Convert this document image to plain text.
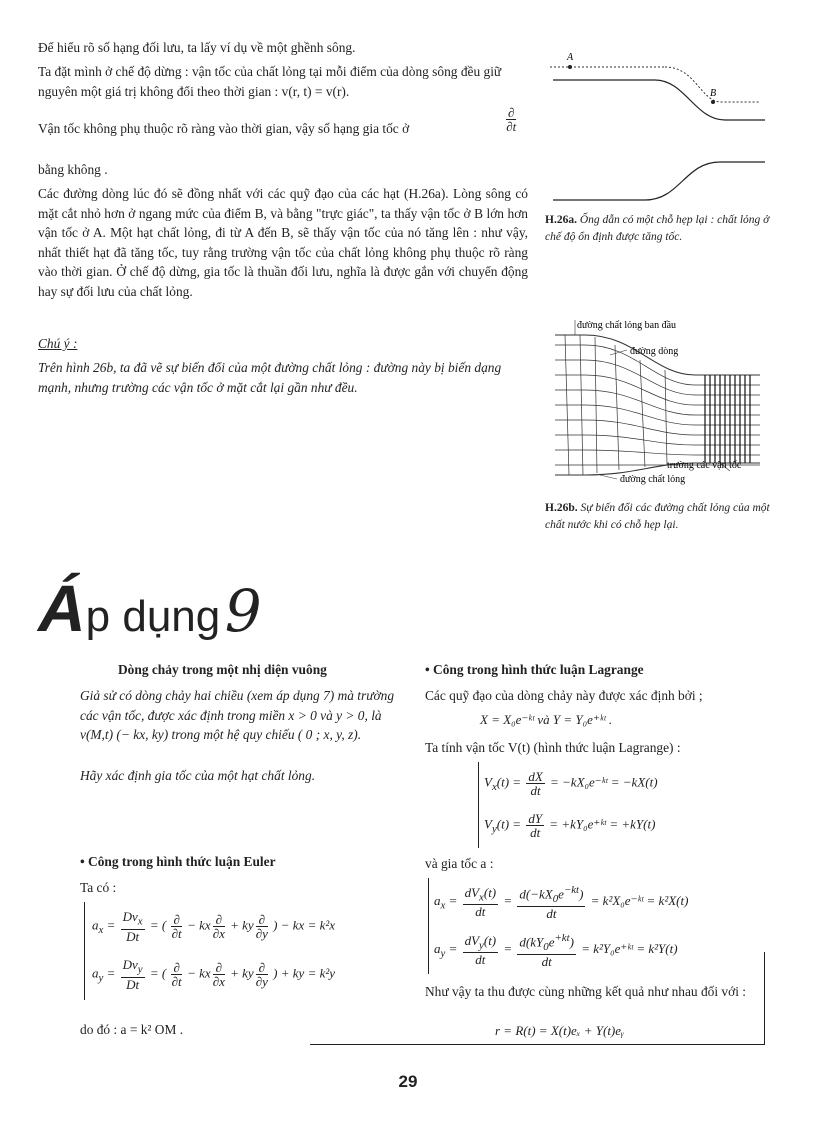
Để hiểu rõ số hạng đối lưu, ta lấy ví dụ về một ghềnh sông.

Ta đặt mình ở chế độ dừng : vận tốc của chất lỏng tại mỗi điểm của dòng sông đều giữ nguyên một giá trị không đổi theo thời gian : v(r, t) = v(r).

Vận tốc không phụ thuộc rõ ràng vào thời gian, vậy số hạng gia tốc ở	$\frac{\partial}{\partial t}$

bằng không .

Các đường dòng lúc đó sẽ đồng nhất với các quỹ đạo của các hạt (H.26a). Lòng sông có mặt cắt nhỏ hơn ở ngang mức của điểm B, và bằng "trực giác", ta thấy vận tốc ở B lớn hơn vận tốc ở A. Một hạt chất lỏng, đi từ A đến B, sẽ thấy vận tốc của nó tăng lên : như vậy, nhất thiết hạt đã tăng tốc, tuy rằng trường vận tốc của chất lỏng không phụ thuộc rõ ràng vào thời gian. Ở chế độ dừng, gia tốc là thuần đối lưu, nghĩa là được gắn với chuyển động hay sự đối lưu của chất lỏng.

Chú ý :

Trên hình 26b, ta đã vẽ sự biến đổi của một đường chất lỏng : đường này bị biến dạng mạnh, nhưng trường các vận tốc ở mặt cắt lại gần như đều.

A
B
H.26a. Ống dẫn có một chỗ hẹp lại : chất lỏng ở chế độ ổn định được tăng tốc.
đường chất lỏng ban đầu
đường dòng
trường các vận tốc
đường chất lỏng
H.26b. Sự biến đổi các đường chất lỏng của một chất nước khi có chỗ hẹp lại.
Áp dụng 9

Dòng chảy trong một nhị diện vuông

Giả sử có dòng chảy hai chiều (xem áp dụng 7) mà trường các vận tốc, được xác định trong miền x > 0 và y > 0, là v(M,t) (− kx, ky) trong một hệ quy chiếu ( 0 ; x, y, z).

Hãy xác định gia tốc của một hạt chất lỏng.

• Công trong hình thức luận Euler

Ta có :

$a_x = \frac{Dv_x}{Dt}$ = ( $\frac{\partial}{\partial t}$ − kx $\frac{\partial}{\partial x}$ + ky $\frac{\partial}{\partial y}$ ) − kx = k²x
$a_y = \frac{Dv_y}{Dt}$ = ( $\frac{\partial}{\partial t}$ − kx $\frac{\partial}{\partial x}$ + ky $\frac{\partial}{\partial y}$ ) + ky = k²y

do đó : a = k² OM .

• Công trong hình thức luận Lagrange

Các quỹ đạo của dòng chảy này được xác định bởi ;

X = X₀e⁻ᵏᵗ và Y = Y₀e⁺ᵏᵗ .

Ta tính vận tốc V(t) (hình thức luận Lagrange) :

$V_x(t) = \frac{dX}{dt}$ = −kX₀e⁻ᵏᵗ = −kX(t)
$V_y(t) = \frac{dY}{dt}$ = +kY₀e⁺ᵏᵗ = +kY(t)

và gia tốc a :

$a_x = \frac{dV_x(t)}{dt} = \frac{d(-kX_0e^{-kt})}{dt}$ = k²X₀e⁻ᵏᵗ = k²X(t)
$a_y = \frac{dV_y(t)}{dt} = \frac{d(kY_0e^{+kt})}{dt}$ = k²Y₀e⁺ᵏᵗ = k²Y(t)

Như vậy ta thu được cùng những kết quả như nhau đối với :

r = R(t) = X(t)eₓ + Y(t)eᵧ

29
